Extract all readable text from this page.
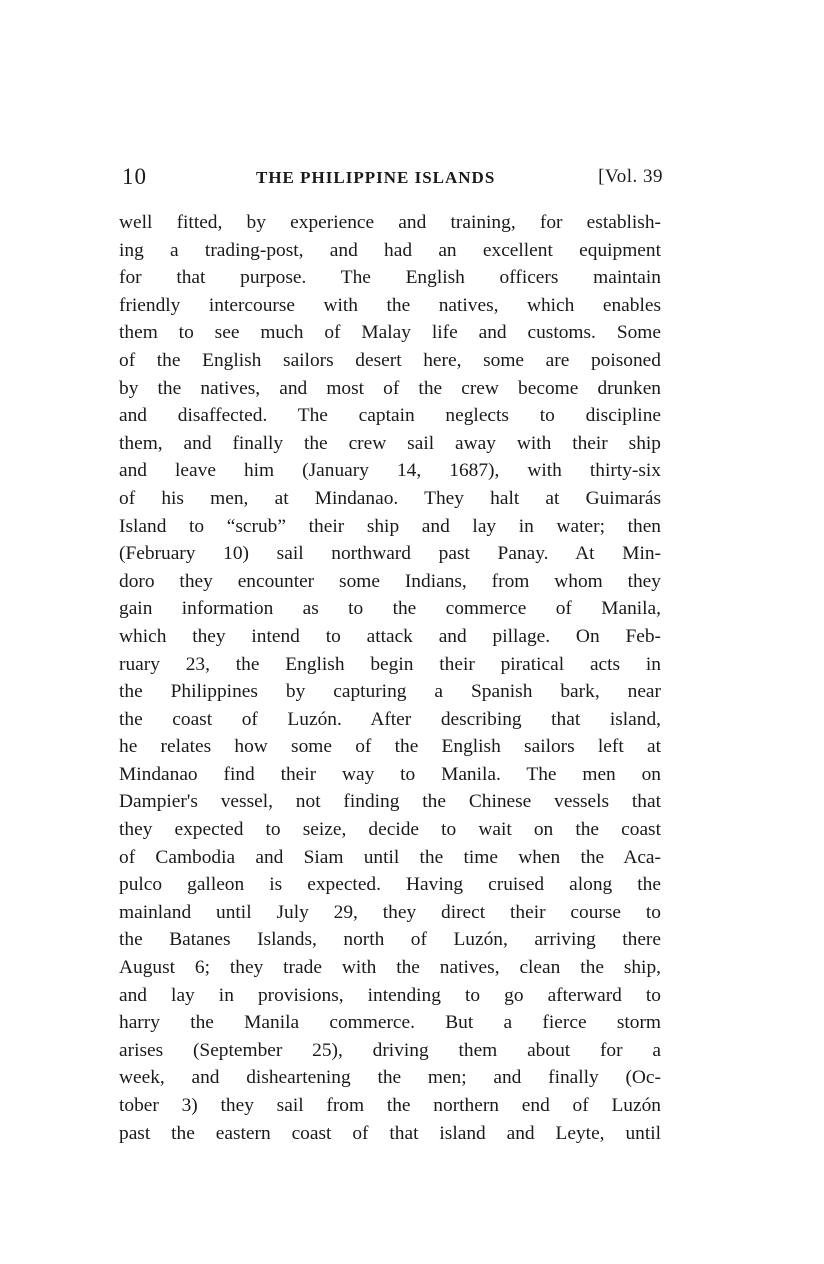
10	THE PHILIPPINE ISLANDS	[Vol. 39
well fitted, by experience and training, for establish-
ing a trading-post, and had an excellent equipment
for that purpose. The English officers maintain
friendly intercourse with the natives, which enables
them to see much of Malay life and customs. Some
of the English sailors desert here, some are poisoned
by the natives, and most of the crew become drunken
and disaffected. The captain neglects to discipline
them, and finally the crew sail away with their ship
and leave him (January 14, 1687), with thirty-six
of his men, at Mindanao. They halt at Guimarás
Island to “scrub” their ship and lay in water; then
(February 10) sail northward past Panay. At Min-
doro they encounter some Indians, from whom they
gain information as to the commerce of Manila,
which they intend to attack and pillage. On Feb-
ruary 23, the English begin their piratical acts in
the Philippines by capturing a Spanish bark, near
the coast of Luzón. After describing that island,
he relates how some of the English sailors left at
Mindanao find their way to Manila. The men on
Dampier's vessel, not finding the Chinese vessels that
they expected to seize, decide to wait on the coast
of Cambodia and Siam until the time when the Aca-
pulco galleon is expected. Having cruised along the
mainland until July 29, they direct their course to
the Batanes Islands, north of Luzón, arriving there
August 6; they trade with the natives, clean the ship,
and lay in provisions, intending to go afterward to
harry the Manila commerce. But a fierce storm
arises (September 25), driving them about for a
week, and disheartening the men; and finally (Oc-
tober 3) they sail from the northern end of Luzón
past the eastern coast of that island and Leyte, until
